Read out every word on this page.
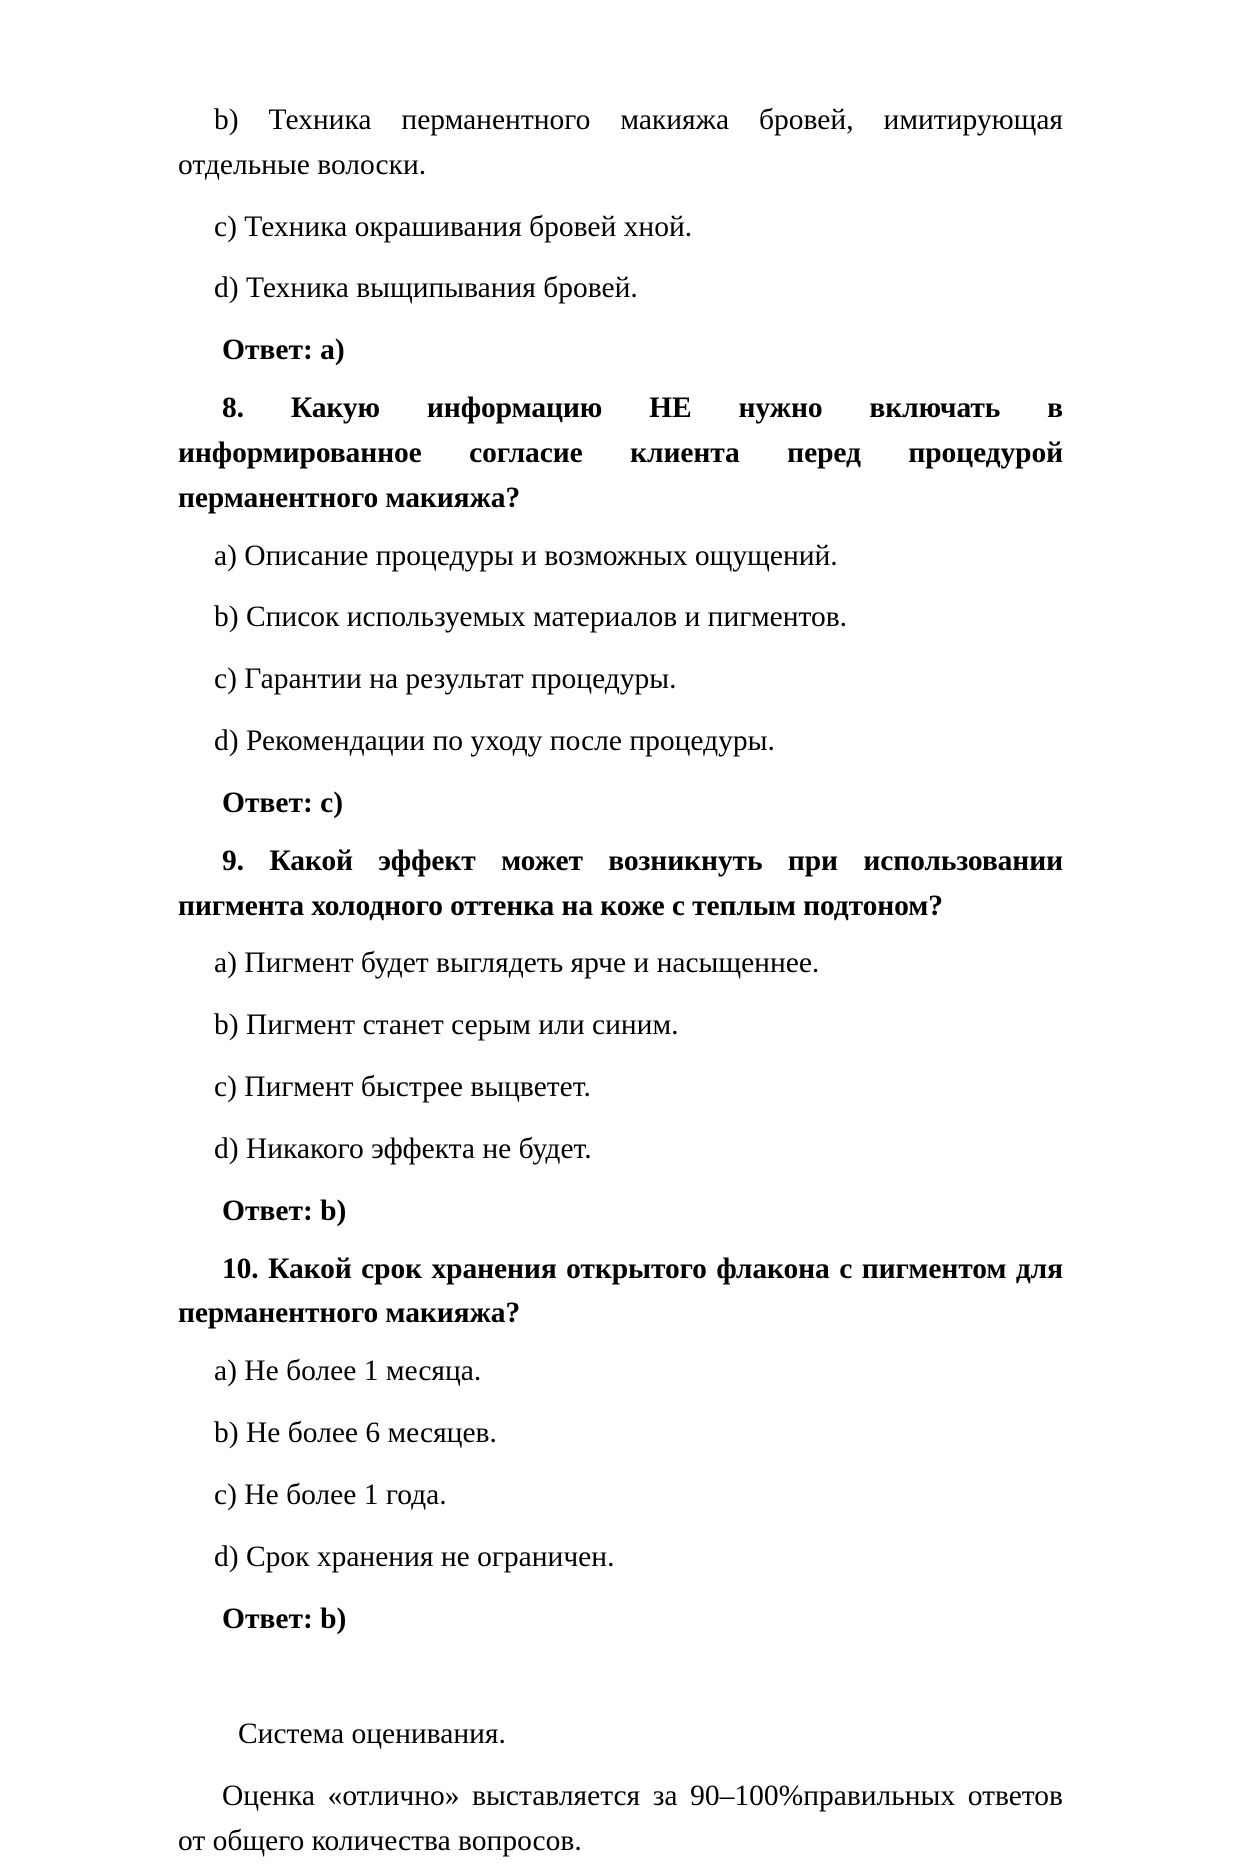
b) Техника перманентного макияжа бровей, имитирующая отдельные волоски.

c) Техника окрашивания бровей хной.

d) Техника выщипывания бровей.

Ответ: a)

8. Какую информацию НЕ нужно включать в информированное согласие клиента перед процедурой перманентного макияжа?

a) Описание процедуры и возможных ощущений.

b) Список используемых материалов и пигментов.

c) Гарантии на результат процедуры.

d) Рекомендации по уходу после процедуры.

Ответ: c)

9. Какой эффект может возникнуть при использовании пигмента холодного оттенка на коже с теплым подтоном?

a) Пигмент будет выглядеть ярче и насыщеннее.

b) Пигмент станет серым или синим.

c) Пигмент быстрее выцветет.

d) Никакого эффекта не будет.

Ответ: b)

10. Какой срок хранения открытого флакона с пигментом для перманентного макияжа?

a) Не более 1 месяца.

b) Не более 6 месяцев.

c) Не более 1 года.

d) Срок хранения не ограничен.

Ответ: b)

Система оценивания.

Оценка «отлично» выставляется за 90–100%правильных ответов от общего количества вопросов.
